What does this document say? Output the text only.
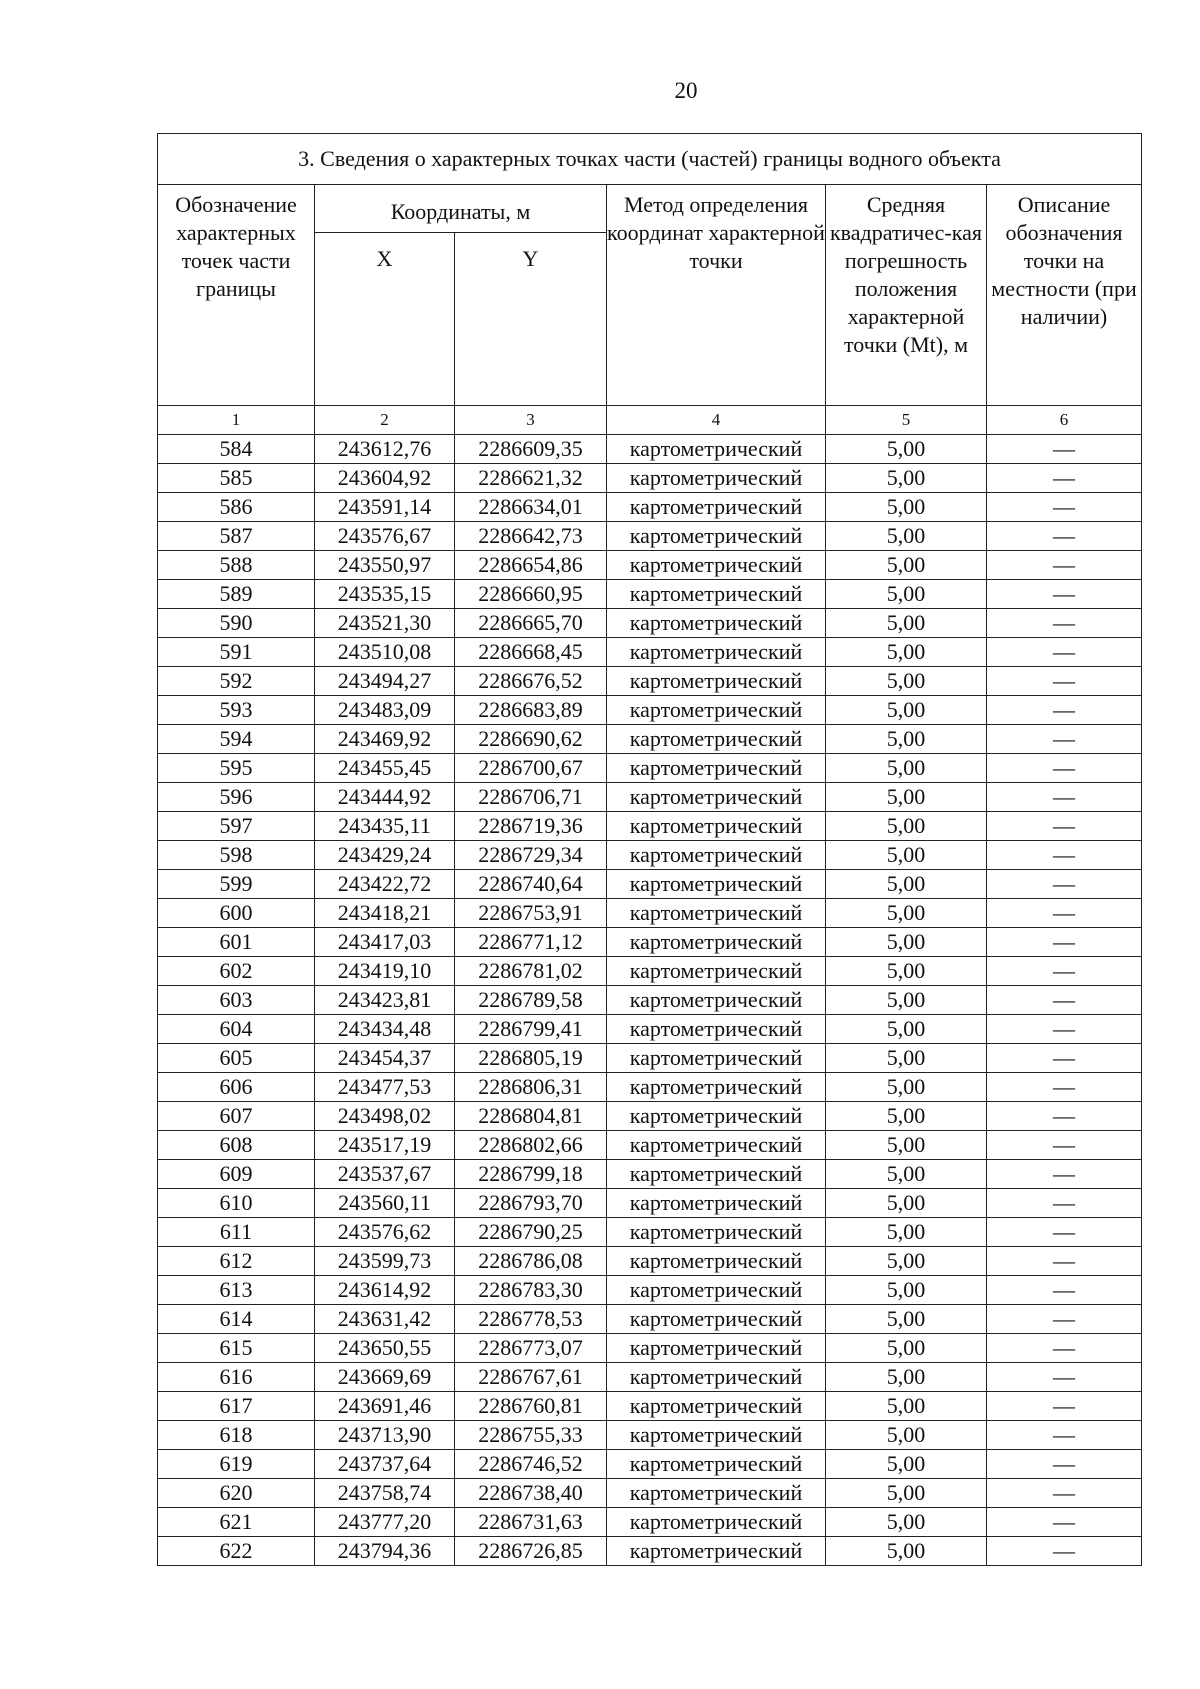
20
3. Сведения о характерных точках части (частей) границы водного объекта					
Обозначение характерных точек части границы	Координаты, м		Метод определения координат характерной точки	Средняя квадратичес-кая погрешность положения характерной точки (Mt), м	Описание обозначения точки на местности (при наличии)
	X	Y			
1	2	3	4	5	6
584	243612,76	2286609,35	картометрический	5,00	—
585	243604,92	2286621,32	картометрический	5,00	—
586	243591,14	2286634,01	картометрический	5,00	—
587	243576,67	2286642,73	картометрический	5,00	—
588	243550,97	2286654,86	картометрический	5,00	—
589	243535,15	2286660,95	картометрический	5,00	—
590	243521,30	2286665,70	картометрический	5,00	—
591	243510,08	2286668,45	картометрический	5,00	—
592	243494,27	2286676,52	картометрический	5,00	—
593	243483,09	2286683,89	картометрический	5,00	—
594	243469,92	2286690,62	картометрический	5,00	—
595	243455,45	2286700,67	картометрический	5,00	—
596	243444,92	2286706,71	картометрический	5,00	—
597	243435,11	2286719,36	картометрический	5,00	—
598	243429,24	2286729,34	картометрический	5,00	—
599	243422,72	2286740,64	картометрический	5,00	—
600	243418,21	2286753,91	картометрический	5,00	—
601	243417,03	2286771,12	картометрический	5,00	—
602	243419,10	2286781,02	картометрический	5,00	—
603	243423,81	2286789,58	картометрический	5,00	—
604	243434,48	2286799,41	картометрический	5,00	—
605	243454,37	2286805,19	картометрический	5,00	—
606	243477,53	2286806,31	картометрический	5,00	—
607	243498,02	2286804,81	картометрический	5,00	—
608	243517,19	2286802,66	картометрический	5,00	—
609	243537,67	2286799,18	картометрический	5,00	—
610	243560,11	2286793,70	картометрический	5,00	—
611	243576,62	2286790,25	картометрический	5,00	—
612	243599,73	2286786,08	картометрический	5,00	—
613	243614,92	2286783,30	картометрический	5,00	—
614	243631,42	2286778,53	картометрический	5,00	—
615	243650,55	2286773,07	картометрический	5,00	—
616	243669,69	2286767,61	картометрический	5,00	—
617	243691,46	2286760,81	картометрический	5,00	—
618	243713,90	2286755,33	картометрический	5,00	—
619	243737,64	2286746,52	картометрический	5,00	—
620	243758,74	2286738,40	картометрический	5,00	—
621	243777,20	2286731,63	картометрический	5,00	—
622	243794,36	2286726,85	картометрический	5,00	—
